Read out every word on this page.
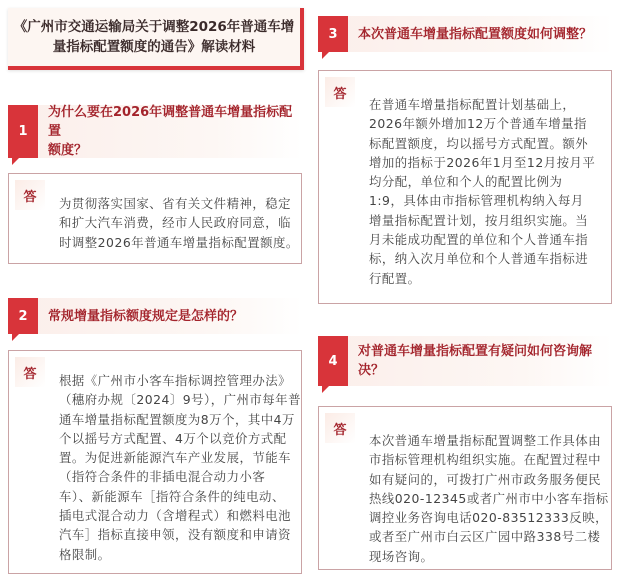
《广州市交通运输局关于调整2026年普通车增
量指标配置额度的通告》解读材料
1
为什么要在2026年调整普通车增量指标配置
额度？
答	为贯彻落实国家、省有关文件精神，稳定
和扩大汽车消费，经市人民政府同意，临
时调整2026年普通车增量指标配置额度。
2	常规增量指标额度规定是怎样的？
答	根据《广州市小客车指标调控管理办法》
（穗府办规〔2024〕9号），广州市每年普
通车增量指标配置额度为8万个，其中4万
个以摇号方式配置、4万个以竞价方式配
置。为促进新能源汽车产业发展，节能车
（指符合条件的非插电混合动力小客
车）、新能源车［指符合条件的纯电动、
插电式混合动力（含增程式）和燃料电池
汽车］指标直接申领，没有额度和申请资
格限制。
3	本次普通车增量指标配置额度如何调整？
答
在普通车增量指标配置计划基础上，
2026年额外增加12万个普通车增量指
标配置额度，均以摇号方式配置。额外
增加的指标于2026年1月至12月按月平
均分配，单位和个人的配置比例为
1:9，具体由市指标管理机构纳入每月
增量指标配置计划，按月组织实施。当
月未能成功配置的单位和个人普通车指
标，纳入次月单位和个人普通车指标进
行配置。
4
对普通车增量指标配置有疑问如何咨询解
决？
答
本次普通车增量指标配置调整工作具体由
市指标管理机构组织实施。在配置过程中
如有疑问的，可拨打广州市政务服务便民
热线020-12345或者广州市中小客车指标
调控业务咨询电话020-83512333反映，
或者至广州市白云区广园中路338号二楼
现场咨询。
